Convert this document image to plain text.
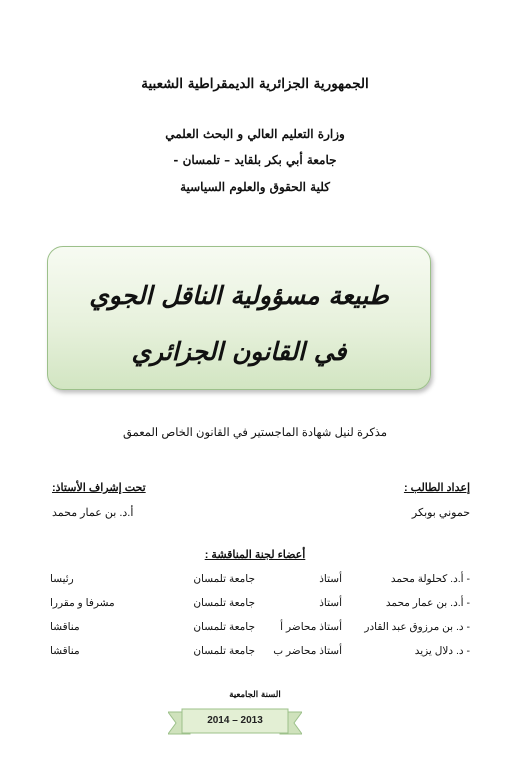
الجمهورية الجزائرية الديمقراطية الشعبية
وزارة التعليم العالي و البحث العلمي
جامعة أبي بكر بلقايد – تلمسان -
كلية الحقوق والعلوم السياسية
طبيعة مسؤولية الناقل الجوي
في القانون الجزائري
مذكرة لنيل شهادة الماجستير في القانون الخاص المعمق
إعداد الطالب :
تحت إشراف الأستاذ:
حموني بوبكر
أ.د. بن عمار محمد
أعضاء لجنة المناقشة :
- أ.د. كحلولة محمد
أستاذ
جامعة تلمسان
رئيسا
- أ.د. بن عمار محمد
أستاذ
جامعة تلمسان
مشرفا و مقررا
- د. بن مرزوق عبد القادر
أستاذ محاضر أ
جامعة تلمسان
مناقشا
- د. دلال يزيد
أستاذ محاضر ب
جامعة تلمسان
مناقشا
السنة الجامعية
2014 – 2013
